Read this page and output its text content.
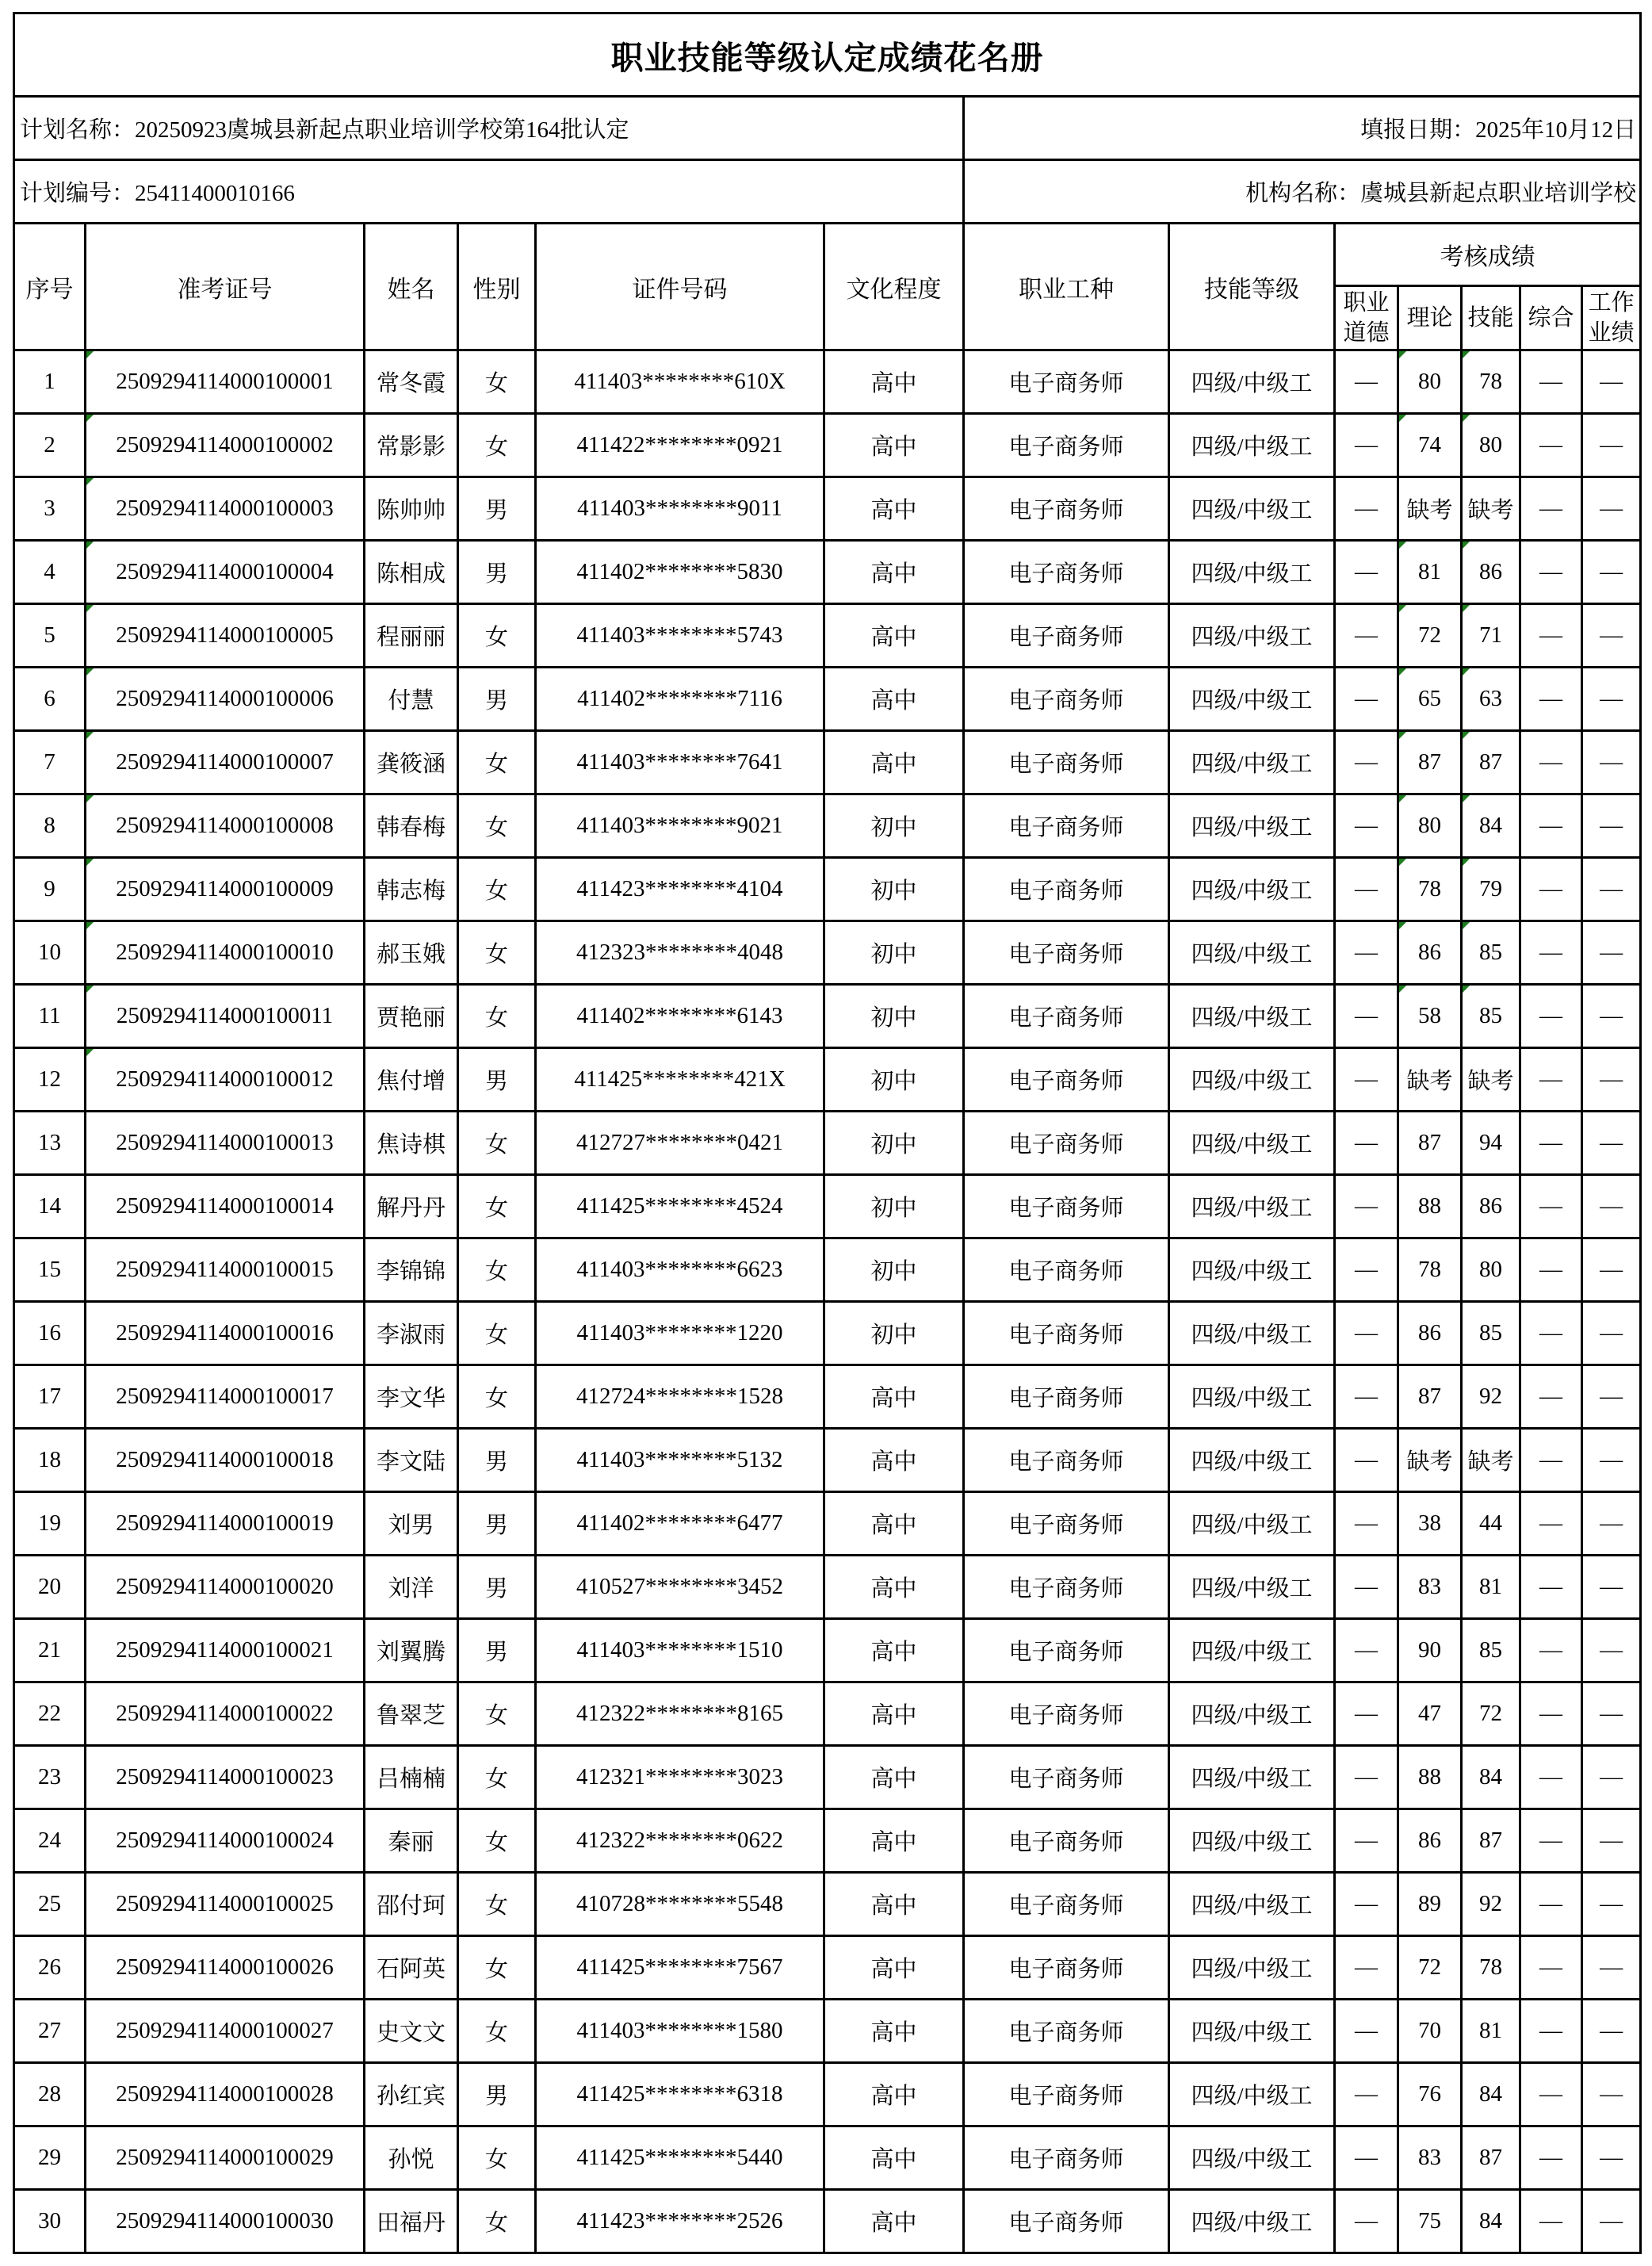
职业技能等级认定成绩花名册												
计划名称：20250923虞城县新起点职业培训学校第164批认定						填报日期：2025年10月12日						
计划编号：25411400010166						机构名称：虞城县新起点职业培训学校						
序号	准考证号	姓名	性别	证件号码	文化程度	职业工种	技能等级	考核成绩				
								职业道德	理论	技能	综合	工作业绩
1	2509294114000100001	常冬霞	女	411403********610X	高中	电子商务师	四级/中级工	—	80	78	—	—
2	2509294114000100002	常影影	女	411422********0921	高中	电子商务师	四级/中级工	—	74	80	—	—
3	2509294114000100003	陈帅帅	男	411403********9011	高中	电子商务师	四级/中级工	—	缺考	缺考	—	—
4	2509294114000100004	陈相成	男	411402********5830	高中	电子商务师	四级/中级工	—	81	86	—	—
5	2509294114000100005	程丽丽	女	411403********5743	高中	电子商务师	四级/中级工	—	72	71	—	—
6	2509294114000100006	付慧	男	411402********7116	高中	电子商务师	四级/中级工	—	65	63	—	—
7	2509294114000100007	龚筱涵	女	411403********7641	高中	电子商务师	四级/中级工	—	87	87	—	—
8	2509294114000100008	韩春梅	女	411403********9021	初中	电子商务师	四级/中级工	—	80	84	—	—
9	2509294114000100009	韩志梅	女	411423********4104	初中	电子商务师	四级/中级工	—	78	79	—	—
10	2509294114000100010	郝玉娥	女	412323********4048	初中	电子商务师	四级/中级工	—	86	85	—	—
11	2509294114000100011	贾艳丽	女	411402********6143	初中	电子商务师	四级/中级工	—	58	85	—	—
12	2509294114000100012	焦付增	男	411425********421X	初中	电子商务师	四级/中级工	—	缺考	缺考	—	—
13	2509294114000100013	焦诗棋	女	412727********0421	初中	电子商务师	四级/中级工	—	87	94	—	—
14	2509294114000100014	解丹丹	女	411425********4524	初中	电子商务师	四级/中级工	—	88	86	—	—
15	2509294114000100015	李锦锦	女	411403********6623	初中	电子商务师	四级/中级工	—	78	80	—	—
16	2509294114000100016	李淑雨	女	411403********1220	初中	电子商务师	四级/中级工	—	86	85	—	—
17	2509294114000100017	李文华	女	412724********1528	高中	电子商务师	四级/中级工	—	87	92	—	—
18	2509294114000100018	李文陆	男	411403********5132	高中	电子商务师	四级/中级工	—	缺考	缺考	—	—
19	2509294114000100019	刘男	男	411402********6477	高中	电子商务师	四级/中级工	—	38	44	—	—
20	2509294114000100020	刘洋	男	410527********3452	高中	电子商务师	四级/中级工	—	83	81	—	—
21	2509294114000100021	刘翼腾	男	411403********1510	高中	电子商务师	四级/中级工	—	90	85	—	—
22	2509294114000100022	鲁翠芝	女	412322********8165	高中	电子商务师	四级/中级工	—	47	72	—	—
23	2509294114000100023	吕楠楠	女	412321********3023	高中	电子商务师	四级/中级工	—	88	84	—	—
24	2509294114000100024	秦丽	女	412322********0622	高中	电子商务师	四级/中级工	—	86	87	—	—
25	2509294114000100025	邵付珂	女	410728********5548	高中	电子商务师	四级/中级工	—	89	92	—	—
26	2509294114000100026	石阿英	女	411425********7567	高中	电子商务师	四级/中级工	—	72	78	—	—
27	2509294114000100027	史文文	女	411403********1580	高中	电子商务师	四级/中级工	—	70	81	—	—
28	2509294114000100028	孙红宾	男	411425********6318	高中	电子商务师	四级/中级工	—	76	84	—	—
29	2509294114000100029	孙悦	女	411425********5440	高中	电子商务师	四级/中级工	—	83	87	—	—
30	2509294114000100030	田福丹	女	411423********2526	高中	电子商务师	四级/中级工	—	75	84	—	—
